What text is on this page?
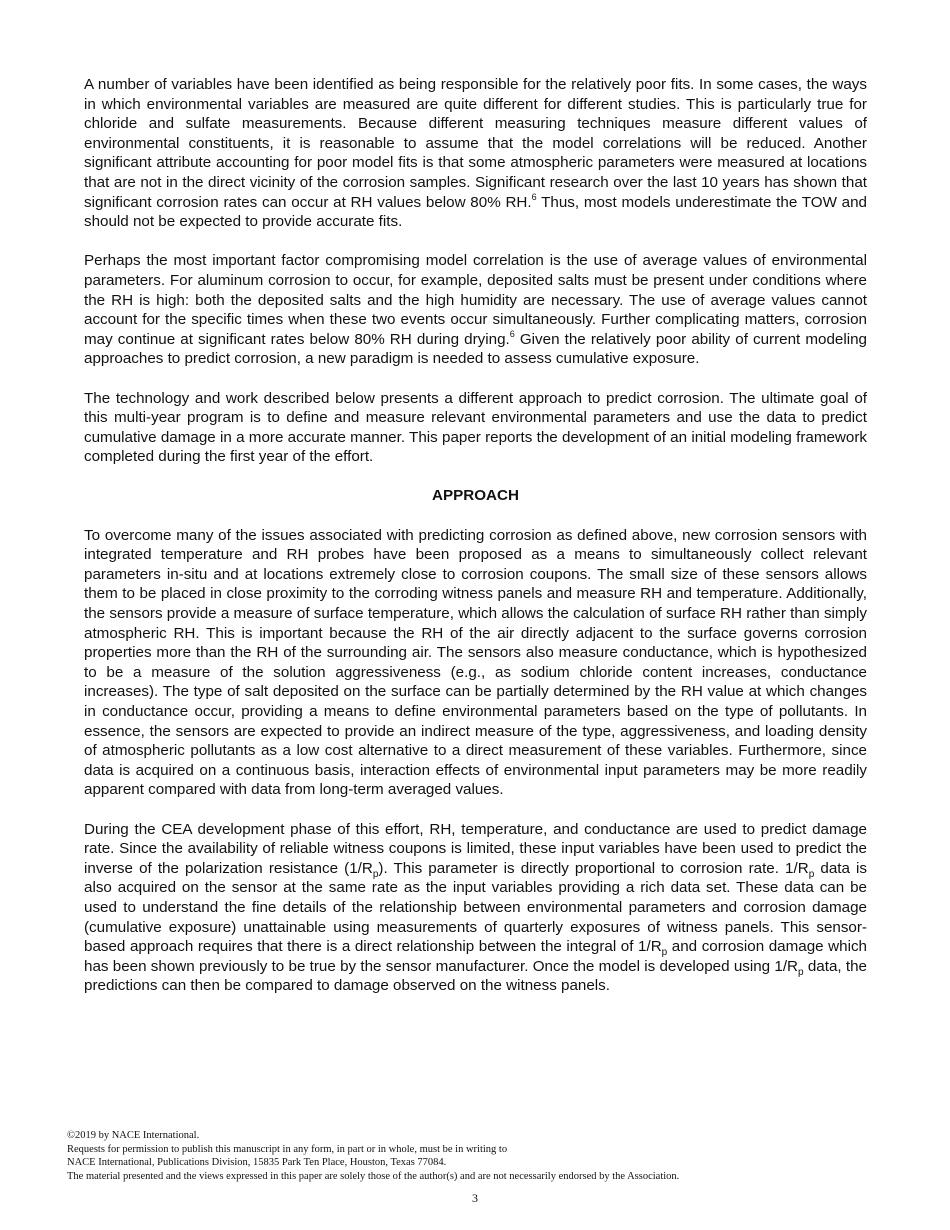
A number of variables have been identified as being responsible for the relatively poor fits. In some cases, the ways in which environmental variables are measured are quite different for different studies. This is particularly true for chloride and sulfate measurements. Because different measuring techniques measure different values of environmental constituents, it is reasonable to assume that the model correlations will be reduced. Another significant attribute accounting for poor model fits is that some atmospheric parameters were measured at locations that are not in the direct vicinity of the corrosion samples. Significant research over the last 10 years has shown that significant corrosion rates can occur at RH values below 80% RH.$^6$ Thus, most models underestimate the TOW and should not be expected to provide accurate fits.

Perhaps the most important factor compromising model correlation is the use of average values of environmental parameters. For aluminum corrosion to occur, for example, deposited salts must be present under conditions where the RH is high: both the deposited salts and the high humidity are necessary. The use of average values cannot account for the specific times when these two events occur simultaneously. Further complicating matters, corrosion may continue at significant rates below 80% RH during drying.$^6$ Given the relatively poor ability of current modeling approaches to predict corrosion, a new paradigm is needed to assess cumulative exposure.

The technology and work described below presents a different approach to predict corrosion. The ultimate goal of this multi-year program is to define and measure relevant environmental parameters and use the data to predict cumulative damage in a more accurate manner. This paper reports the development of an initial modeling framework completed during the first year of the effort.

APPROACH

To overcome many of the issues associated with predicting corrosion as defined above, new corrosion sensors with integrated temperature and RH probes have been proposed as a means to simultaneously collect relevant parameters in-situ and at locations extremely close to corrosion coupons. The small size of these sensors allows them to be placed in close proximity to the corroding witness panels and measure RH and temperature. Additionally, the sensors provide a measure of surface temperature, which allows the calculation of surface RH rather than simply atmospheric RH. This is important because the RH of the air directly adjacent to the surface governs corrosion properties more than the RH of the surrounding air. The sensors also measure conductance, which is hypothesized to be a measure of the solution aggressiveness (e.g., as sodium chloride content increases, conductance increases). The type of salt deposited on the surface can be partially determined by the RH value at which changes in conductance occur, providing a means to define environmental parameters based on the type of pollutants. In essence, the sensors are expected to provide an indirect measure of the type, aggressiveness, and loading density of atmospheric pollutants as a low cost alternative to a direct measurement of these variables. Furthermore, since data is acquired on a continuous basis, interaction effects of environmental input parameters may be more readily apparent compared with data from long-term averaged values.

During the CEA development phase of this effort, RH, temperature, and conductance are used to predict damage rate. Since the availability of reliable witness coupons is limited, these input variables have been used to predict the inverse of the polarization resistance $(1/R_p)$. This parameter is directly proportional to corrosion rate. $1/R_p$ data is also acquired on the sensor at the same rate as the input variables providing a rich data set. These data can be used to understand the fine details of the relationship between environmental parameters and corrosion damage (cumulative exposure) unattainable using measurements of quarterly exposures of witness panels. This sensor-based approach requires that there is a direct relationship between the integral of $1/R_p$ and corrosion damage which has been shown previously to be true by the sensor manufacturer. Once the model is developed using $1/R_p$ data, the predictions can then be compared to damage observed on the witness panels.

©2019 by NACE International.
Requests for permission to publish this manuscript in any form, in part or in whole, must be in writing to
NACE International, Publications Division, 15835 Park Ten Place, Houston, Texas 77084.
The material presented and the views expressed in this paper are solely those of the author(s) and are not necessarily endorsed by the Association.
3
